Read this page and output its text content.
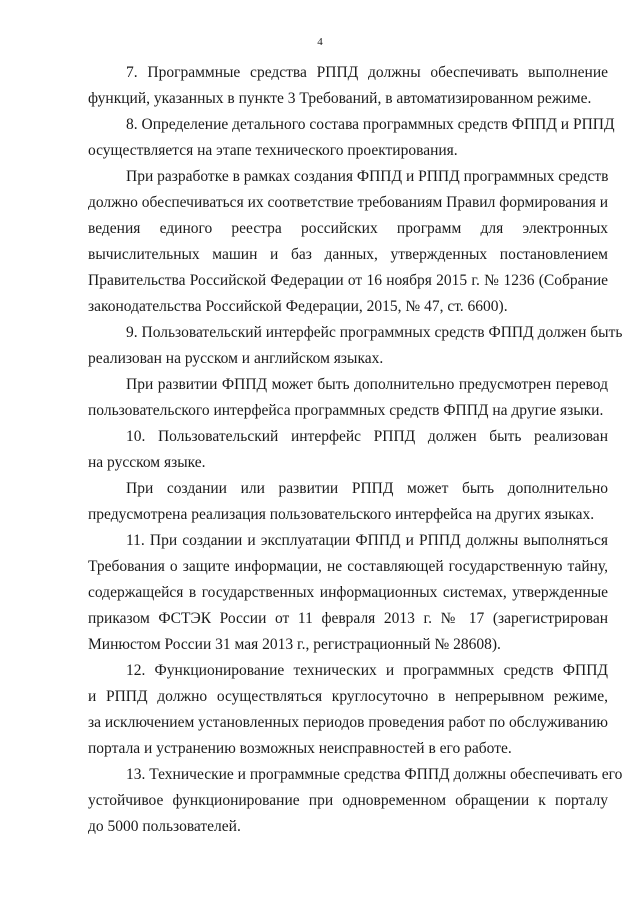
4
7. Программные средства РППД должны обеспечивать выполнение
функций, указанных в пункте 3 Требований, в автоматизированном режиме.
8. Определение детального состава программных средств ФППД и РППД
осуществляется на этапе технического проектирования.
При разработке в рамках создания ФППД и РППД программных средств
должно обеспечиваться их соответствие требованиям Правил формирования и
ведения единого реестра российских программ для электронных
вычислительных машин и баз данных, утвержденных постановлением
Правительства Российской Федерации от 16 ноября 2015 г. № 1236 (Собрание
законодательства Российской Федерации, 2015, № 47, ст. 6600).
9. Пользовательский интерфейс программных средств ФППД должен быть
реализован на русском и английском языках.
При развитии ФППД может быть дополнительно предусмотрен перевод
пользовательского интерфейса программных средств ФППД на другие языки.
10. Пользовательский интерфейс РППД должен быть реализован
на русском языке.
При создании или развитии РППД может быть дополнительно
предусмотрена реализация пользовательского интерфейса на других языках.
11. При создании и эксплуатации ФППД и РППД должны выполняться
Требования о защите информации, не составляющей государственную тайну,
содержащейся в государственных информационных системах, утвержденные
приказом ФСТЭК России от 11 февраля 2013 г. № 17 (зарегистрирован
Минюстом России 31 мая 2013 г., регистрационный № 28608).
12. Функционирование технических и программных средств ФППД
и РППД должно осуществляться круглосуточно в непрерывном режиме,
за исключением установленных периодов проведения работ по обслуживанию
портала и устранению возможных неисправностей в его работе.
13. Технические и программные средства ФППД должны обеспечивать его
устойчивое функционирование при одновременном обращении к порталу
до 5000 пользователей.
